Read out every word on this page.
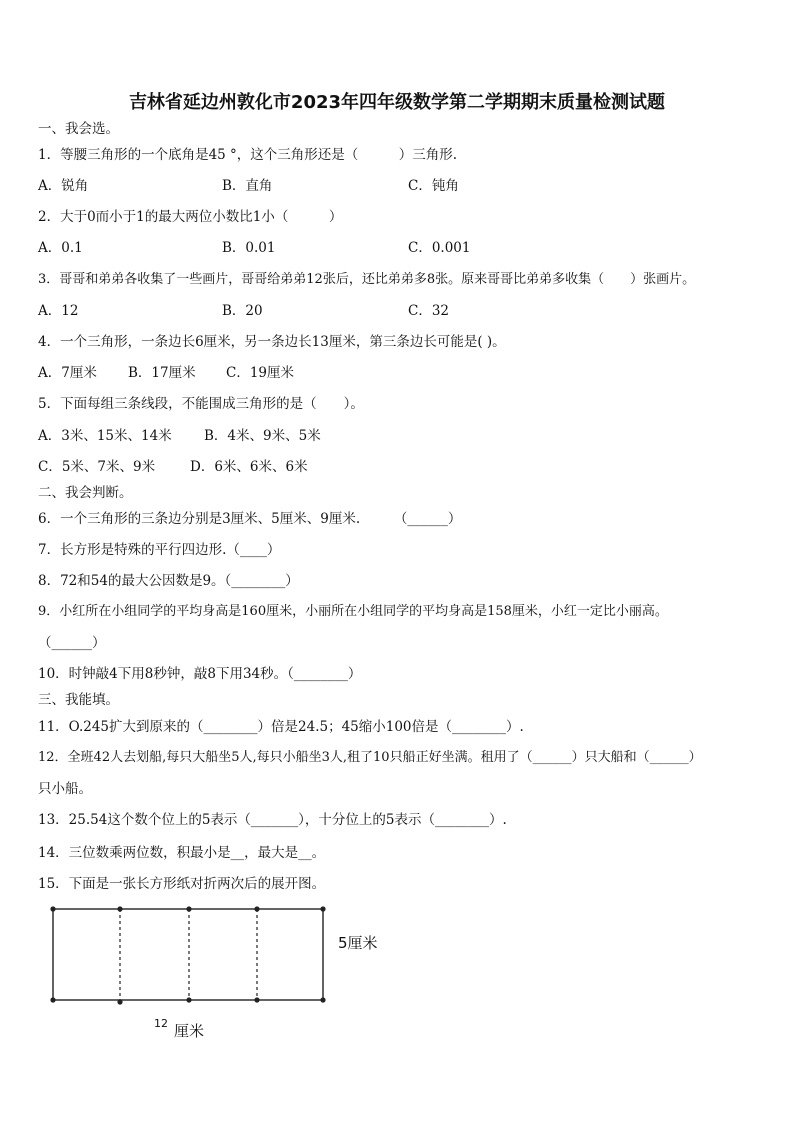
吉林省延边州敦化市2023年四年级数学第二学期期末质量检测试题
一、我会选。
1．等腰三角形的一个底角是45 °，这个三角形还是（　　　）三角形.
A．锐角	B．直角	C．钝角
2．大于0而小于1的最大两位小数比1小（　　　）
A．0.1	B．0.01	C．0.001
3．哥哥和弟弟各收集了一些画片，哥哥给弟弟12张后，还比弟弟多8张。原来哥哥比弟弟多收集（　　）张画片。
A．12	B．20	C．32
4．一个三角形，一条边长6厘米，另一条边长13厘米，第三条边长可能是( )。
A．7厘米 B．17厘米 C．19厘米
5．下面每组三条线段，不能围成三角形的是（　　）。
A．3米、15米、14米 B．4米、9米、5米
C．5米、7米、9米	D．6米、6米、6米
二、我会判断。
6．一个三角形的三条边分别是3厘米、5厘米、9厘米.　　　（______）
7．长方形是特殊的平行四边形.（____）
8．72和54的最大公因数是9。（________）
9．小红所在小组同学的平均身高是160厘米，小丽所在小组同学的平均身高是158厘米，小红一定比小丽高。
（______）
10．时钟敲4下用8秒钟，敲8下用34秒。（________）
三、我能填。
11．O.245扩大到原来的（________）倍是24.5；45缩小100倍是（________）.
12．全班42人去划船,每只大船坐5人,每只小船坐3人,租了10只船正好坐满。租用了（______）只大船和（______）
只小船。
13．25.54这个数个位上的5表示（_______），十分位上的5表示（________）.
14．三位数乘两位数，积最小是__，最大是__。
15．下面是一张长方形纸对折两次后的展开图。
5厘米
12 厘米
